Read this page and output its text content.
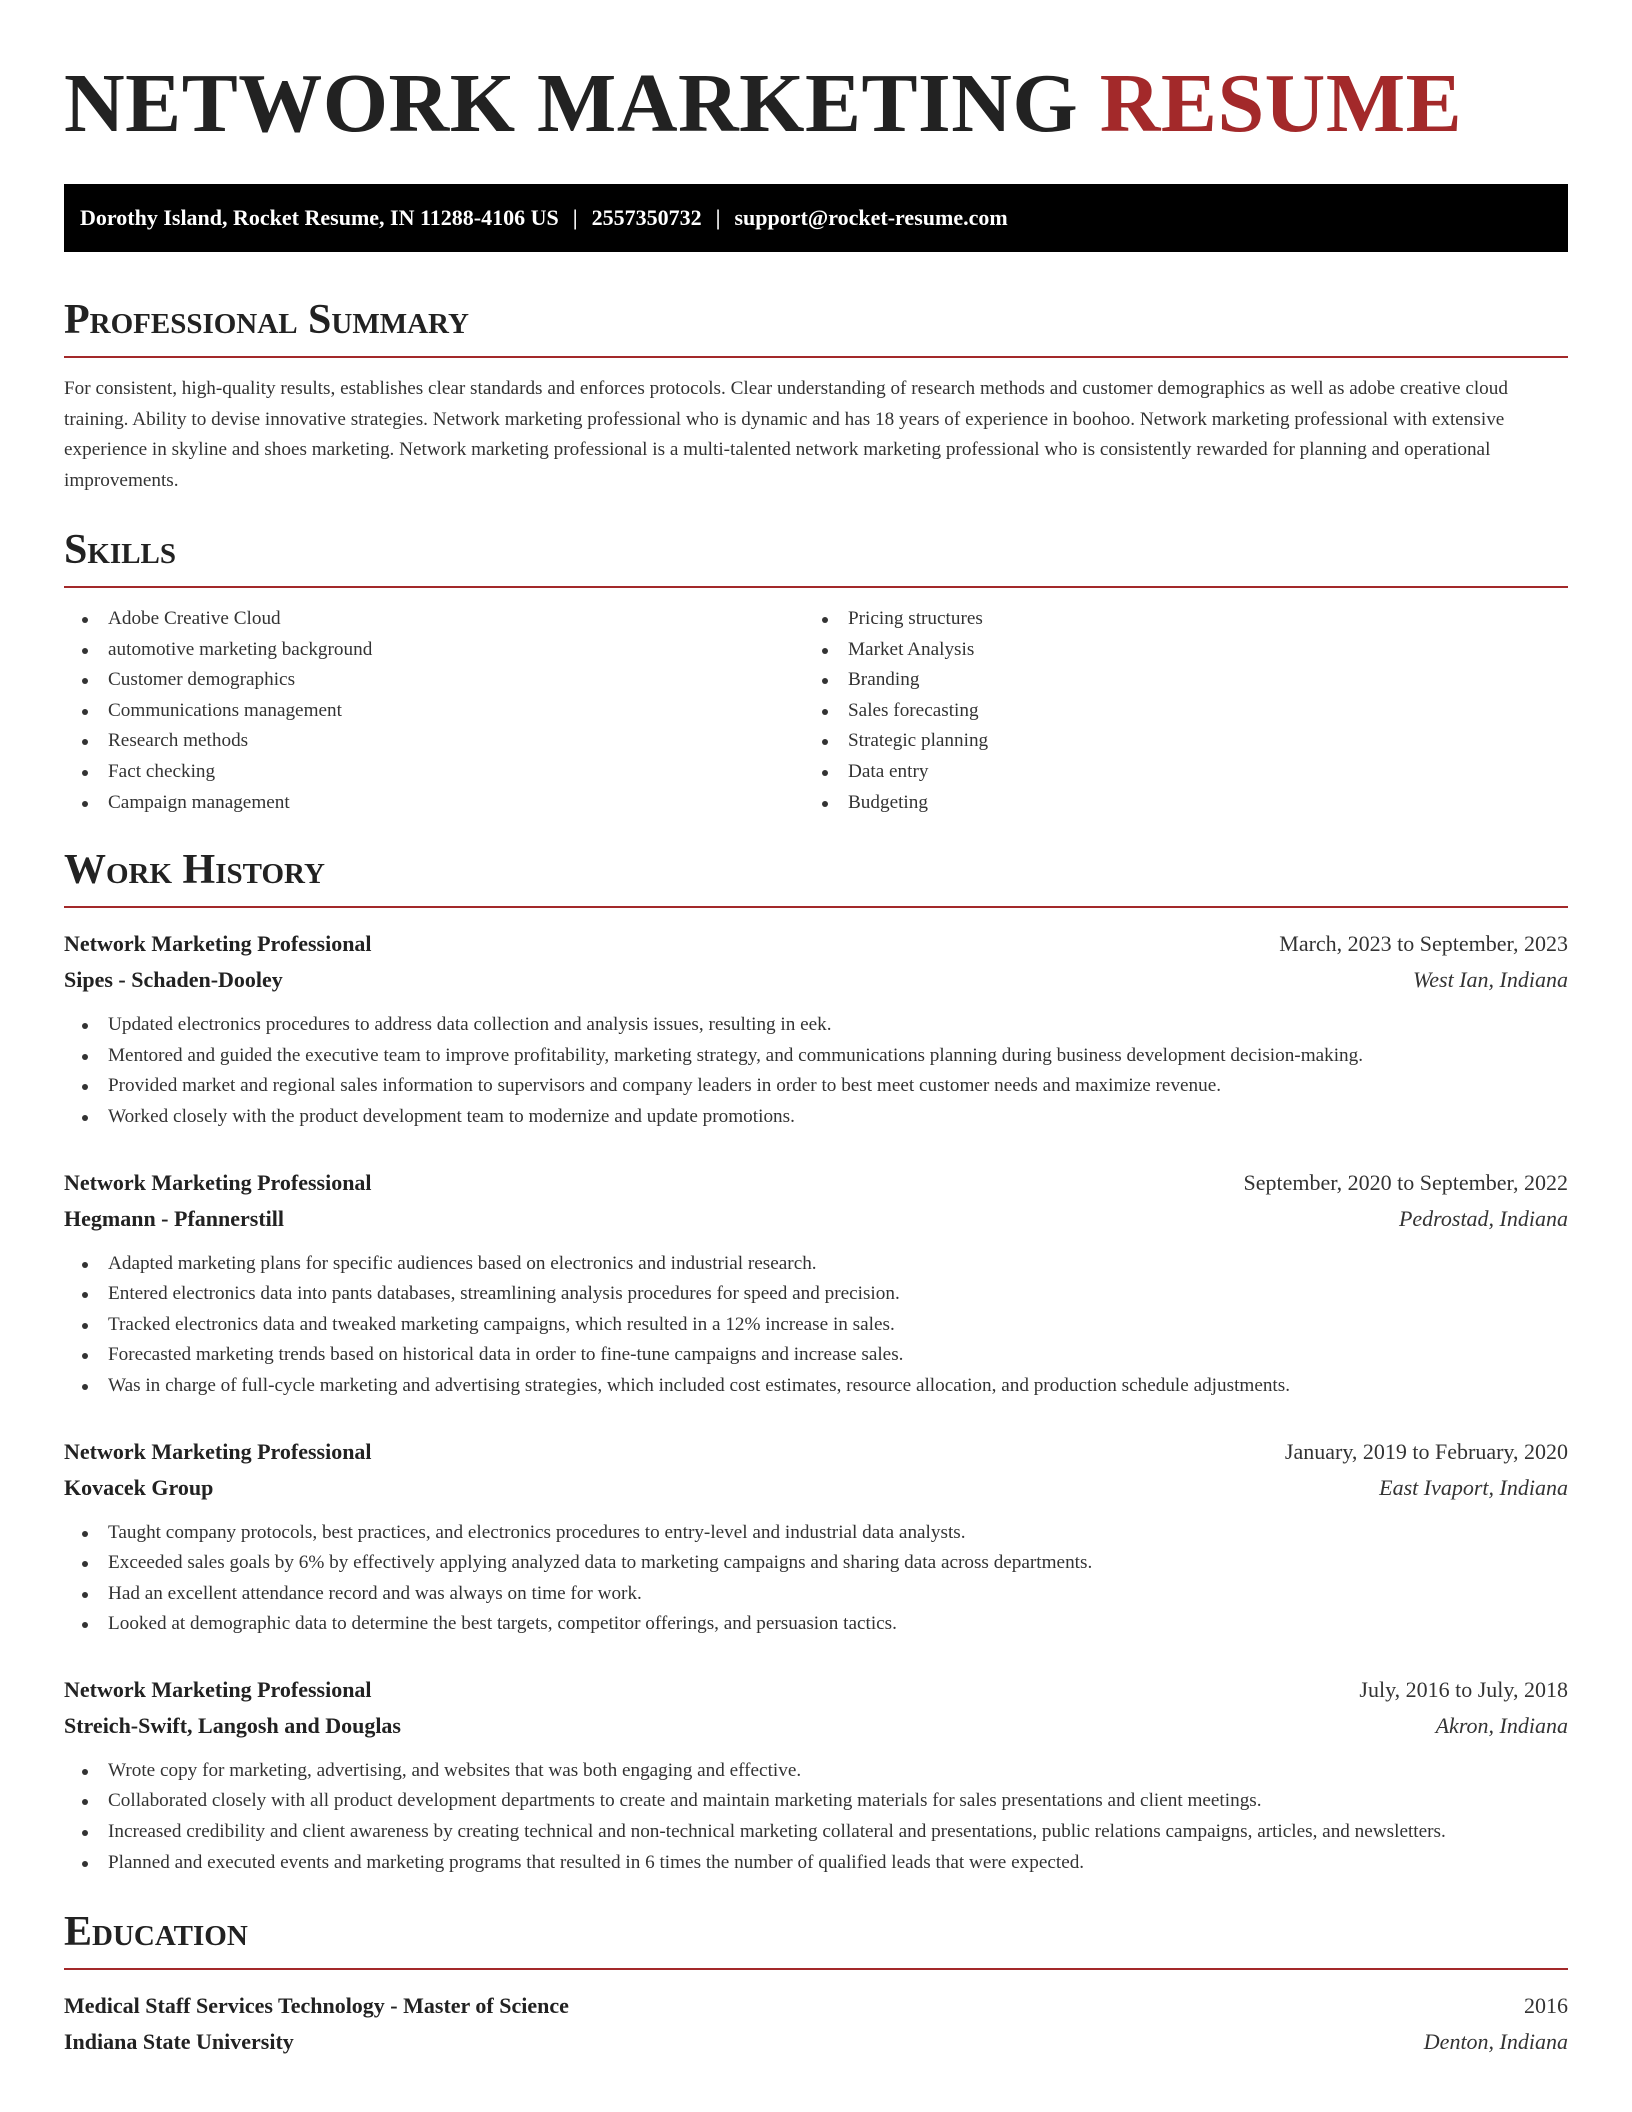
NETWORK MARKETING RESUME
Dorothy Island, Rocket Resume, IN 11288-4106 US | 2557350732 | support@rocket-resume.com
Professional Summary

For consistent, high-quality results, establishes clear standards and enforces protocols. Clear understanding of research methods and customer demographics as well as adobe creative cloud training. Ability to devise innovative strategies. Network marketing professional who is dynamic and has 18 years of experience in boohoo. Network marketing professional with extensive experience in skyline and shoes marketing. Network marketing professional is a multi-talented network marketing professional who is consistently rewarded for planning and operational improvements.

Skills
Adobe Creative Cloud
automotive marketing background
Customer demographics
Communications management
Research methods
Fact checking
Campaign management
Pricing structures
Market Analysis
Branding
Sales forecasting
Strategic planning
Data entry
Budgeting
Work History
Network Marketing Professional	March, 2023 to September, 2023
Sipes - Schaden-Dooley	West Ian, Indiana
Updated electronics procedures to address data collection and analysis issues, resulting in eek.
Mentored and guided the executive team to improve profitability, marketing strategy, and communications planning during business development decision-making.
Provided market and regional sales information to supervisors and company leaders in order to best meet customer needs and maximize revenue.
Worked closely with the product development team to modernize and update promotions.
Network Marketing Professional	September, 2020 to September, 2022
Hegmann - Pfannerstill	Pedrostad, Indiana
Adapted marketing plans for specific audiences based on electronics and industrial research.
Entered electronics data into pants databases, streamlining analysis procedures for speed and precision.
Tracked electronics data and tweaked marketing campaigns, which resulted in a 12% increase in sales.
Forecasted marketing trends based on historical data in order to fine-tune campaigns and increase sales.
Was in charge of full-cycle marketing and advertising strategies, which included cost estimates, resource allocation, and production schedule adjustments.
Network Marketing Professional	January, 2019 to February, 2020
Kovacek Group	East Ivaport, Indiana
Taught company protocols, best practices, and electronics procedures to entry-level and industrial data analysts.
Exceeded sales goals by 6% by effectively applying analyzed data to marketing campaigns and sharing data across departments.
Had an excellent attendance record and was always on time for work.
Looked at demographic data to determine the best targets, competitor offerings, and persuasion tactics.
Network Marketing Professional	July, 2016 to July, 2018
Streich-Swift, Langosh and Douglas	Akron, Indiana
Wrote copy for marketing, advertising, and websites that was both engaging and effective.
Collaborated closely with all product development departments to create and maintain marketing materials for sales presentations and client meetings.
Increased credibility and client awareness by creating technical and non-technical marketing collateral and presentations, public relations campaigns, articles, and newsletters.
Planned and executed events and marketing programs that resulted in 6 times the number of qualified leads that were expected.
Education
Medical Staff Services Technology - Master of Science	2016
Indiana State University	Denton, Indiana
